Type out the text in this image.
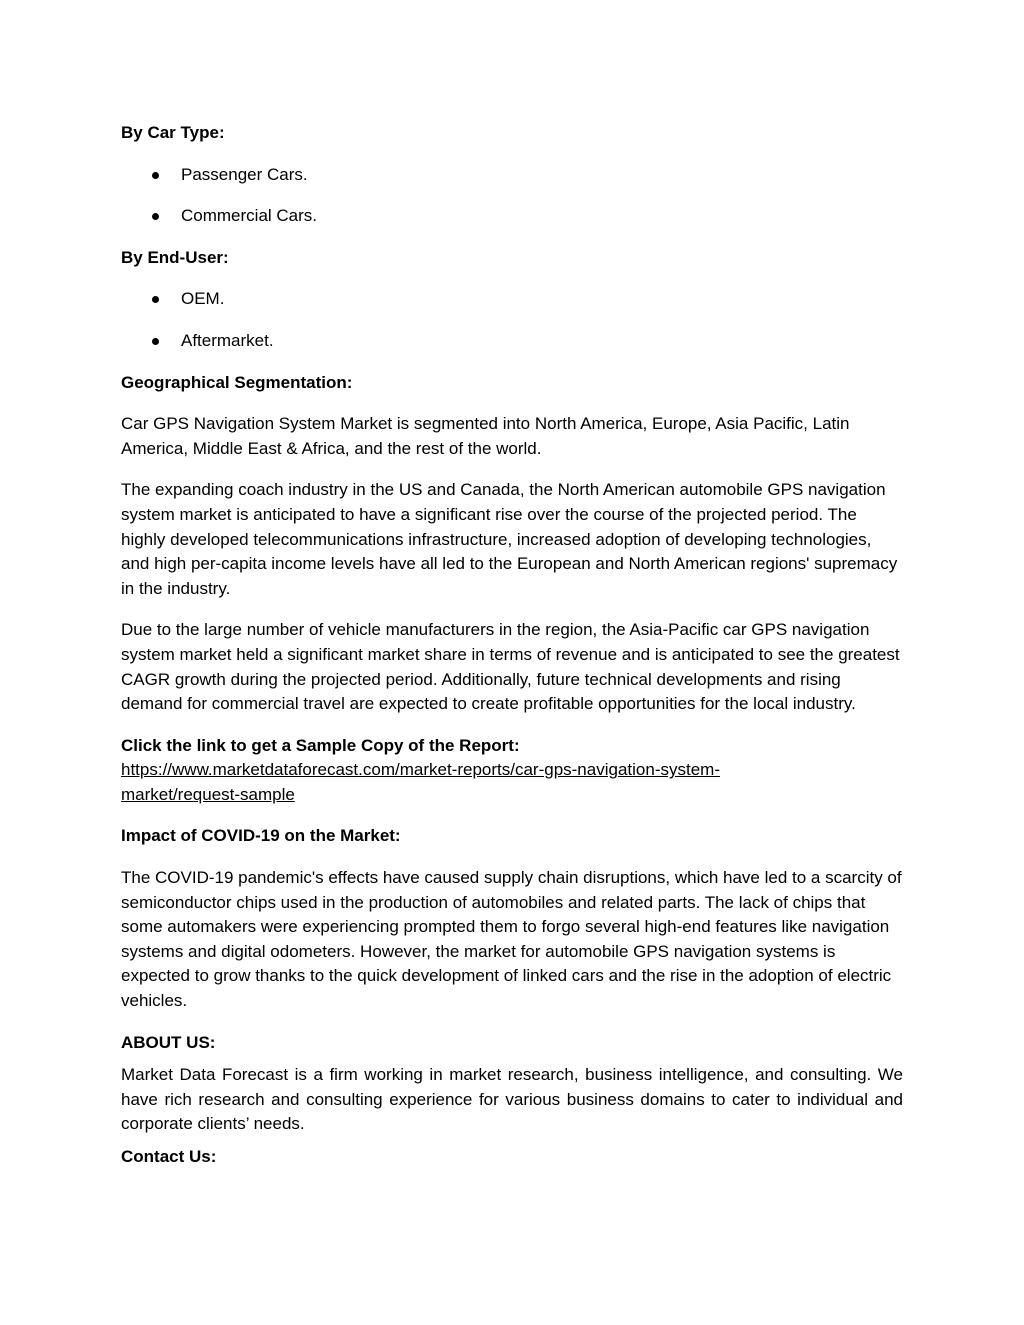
By Car Type:

Passenger Cars.
Commercial Cars.

By End-User:

OEM.
Aftermarket.

Geographical Segmentation:

Car GPS Navigation System Market is segmented into North America, Europe, Asia Pacific, Latin America, Middle East & Africa, and the rest of the world.

The expanding coach industry in the US and Canada, the North American automobile GPS navigation system market is anticipated to have a significant rise over the course of the projected period. The highly developed telecommunications infrastructure, increased adoption of developing technologies, and high per-capita income levels have all led to the European and North American regions' supremacy in the industry.

Due to the large number of vehicle manufacturers in the region, the Asia-Pacific car GPS navigation system market held a significant market share in terms of revenue and is anticipated to see the greatest CAGR growth during the projected period. Additionally, future technical developments and rising demand for commercial travel are expected to create profitable opportunities for the local industry.

Click the link to get a Sample Copy of the Report:

https://www.marketdataforecast.com/market-reports/car-gps-navigation-system-
market/request-sample

Impact of COVID-19 on the Market:

The COVID-19 pandemic's effects have caused supply chain disruptions, which have led to a scarcity of semiconductor chips used in the production of automobiles and related parts. The lack of chips that some automakers were experiencing prompted them to forgo several high-end features like navigation systems and digital odometers. However, the market for automobile GPS navigation systems is expected to grow thanks to the quick development of linked cars and the rise in the adoption of electric vehicles.

ABOUT US:

Market Data Forecast is a firm working in market research, business intelligence, and consulting. We have rich research and consulting experience for various business domains to cater to individual and corporate clients’ needs.

Contact Us:
